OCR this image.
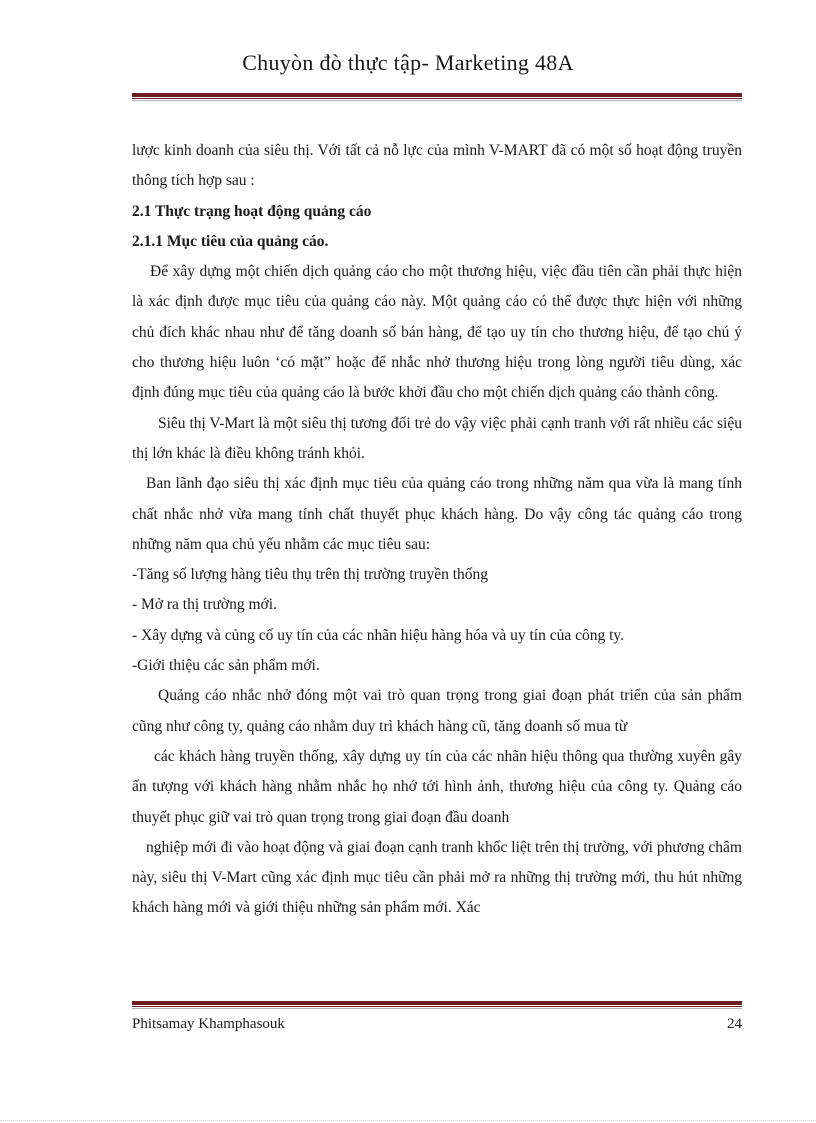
Chuyòn đò thực tập- Marketing 48A

lược kinh doanh của siêu thị. Với tất cả nỗ lực của mình V-MART đã có một số hoạt động truyền thông tích hợp sau :

2.1 Thực trạng hoạt động quảng cáo

2.1.1 Mục tiêu của quảng cáo.

Để xây dựng một chiến dịch quảng cáo cho một thương hiệu, việc đầu tiên cần phải thực hiện là xác định được mục tiêu của quảng cáo này. Một quảng cáo có thể được thực hiện với những chủ đích khác nhau như để tăng doanh số bán hàng, để tạo uy tín cho thương hiệu, để tạo chú ý cho thương hiệu luôn ‘có mặt” hoặc để nhắc nhở thương hiệu trong lòng người tiêu dùng, xác định đúng mục tiêu của quảng cáo là bước khởi đầu cho một chiến dịch quảng cáo thành công.

Siêu thị V-Mart là một siêu thị tương đối trẻ do vậy việc phải cạnh tranh với rất nhiều các siệu thị lớn khác là điều không tránh khỏi.

Ban lãnh đạo siêu thị xác định mục tiêu của quảng cáo trong những năm qua vừa là mang tính chất nhắc nhở vừa mang tính chất thuyết phục khách hàng. Do vậy công tác quảng cáo trong những năm qua chủ yếu nhằm các mục tiêu sau:

-Tăng số lượng hàng tiêu thụ trên thị trường truyền thống

- Mở ra thị trường mới.

- Xây dựng và củng cố uy tín của các nhãn hiệu hàng hóa và uy tín của công ty.

-Giới thiệu các sản phẩm mới.

Quảng cáo nhắc nhở đóng một vai trò quan trọng trong giai đoạn phát triển của sản phẩm cũng như công ty, quảng cáo nhằm duy trì khách hàng cũ, tăng doanh số mua từ

các khách hàng truyền thống, xây dựng uy tín của các nhãn hiệu thông qua thường xuyên gây ấn tượng với khách hàng nhằm nhắc họ nhớ tới hình ảnh, thương hiệu của công ty. Quảng cáo thuyết phục giữ vai trò quan trọng trong giai đoạn đầu doanh

nghiệp mới đi vào hoạt động và giai đoạn cạnh tranh khốc liệt trên thị trường, với phương châm này, siêu thị V-Mart cũng xác định mục tiêu cần phải mở ra những thị trường mới, thu hút những khách hàng mới và giới thiệu những sản phẩm mới. Xác

Phitsamay Khamphasouk	24
